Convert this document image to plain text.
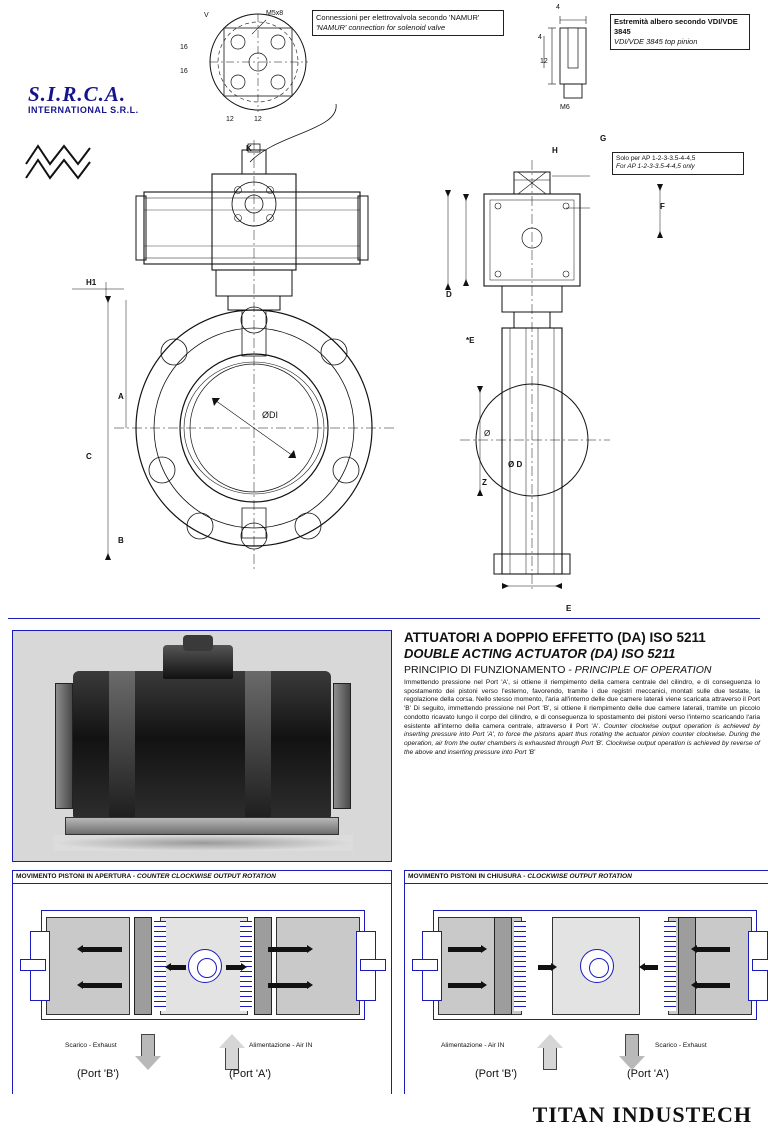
S.I.R.C.A.
INTERNATIONAL S.R.L.
Connessioni per elettrovalvola secondo 'NAMUR'
'NAMUR' connection for solenoid valve
Estremità albero secondo VDI/VDE 3845
VDI/VDE 3845 top pinion
Solo per AP 1-2-3-3.5-4-4,5
For AP 1-2-3-3.5-4-4,5 only
V	M5x8
16
16
12	12
4
4
12
M6
ØDI
B
A
C
K
H1
Ø
D
*E
Z
E
F
G
H
Ø D
ATTUATORI A DOPPIO EFFETTO (DA) ISO 5211
DOUBLE ACTING ACTUATOR (DA) ISO 5211
PRINCIPIO DI FUNZIONAMENTO - PRINCIPLE OF OPERATION
Immettendo pressione nel Port 'A', si ottiene il riempimento della camera centrale del cilindro, e di conseguenza lo spostamento dei pistoni verso l'esterno, favorendo, tramite i due registri meccanici, montati sulle due testate, la regolazione della corsa. Nello stesso momento, l'aria all'interno delle due camere laterali viene scaricata attraverso il Port 'B' Di seguito, immettendo pressione nel Port 'B', si ottiene il riempimento delle due camere laterali, tramite un piccolo condotto ricavato lungo il corpo del cilindro, e di conseguenza lo spostamento dei pistoni verso l'interno scaricando l'aria esistente all'interno della camera centrale, attraverso il Port 'A'. Counter clockwise output operation is achieved by inserting pressure into Port 'A', to force the pistons apart thus rotating the actuator pinion counter clockwise. During the operation, air from the outer chambers is exhausted through Port 'B'. Clockwise output operation is achieved by reverse of the above and inserting pressure into Port 'B'
MOVIMENTO PISTONI IN APERTURA - COUNTER CLOCKWISE OUTPUT ROTATION
Scarico - Exhaust	Alimentazione - Air IN
(Port 'B')	(Port 'A')
MOVIMENTO PISTONI IN CHIUSURA - CLOCKWISE OUTPUT ROTATION
Alimentazione - Air IN	Scarico - Exhaust
(Port 'B')	(Port 'A')
TITAN INDUSTECH
